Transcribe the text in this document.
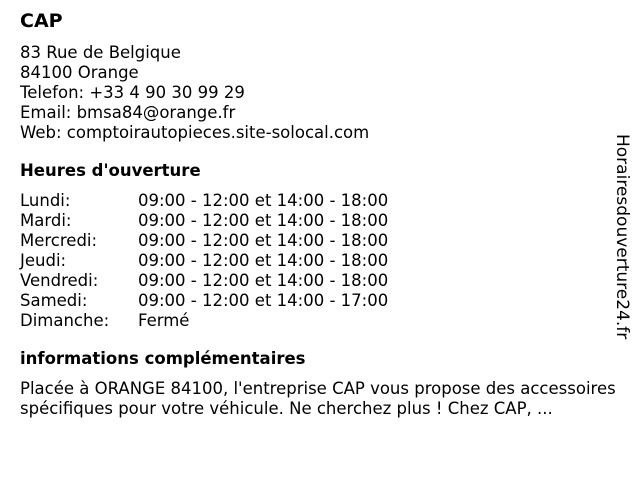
CAP
83 Rue de Belgique
84100 Orange
Telefon: +33 4 90 30 99 29
Email: bmsa84@orange.fr
Web: comptoirautopieces.site-solocal.com
Heures d'ouverture
Lundi:	09:00 - 12:00 et 14:00 - 18:00
Mardi:	09:00 - 12:00 et 14:00 - 18:00
Mercredi:	09:00 - 12:00 et 14:00 - 18:00
Jeudi:	09:00 - 12:00 et 14:00 - 18:00
Vendredi:	09:00 - 12:00 et 14:00 - 18:00
Samedi:	09:00 - 12:00 et 14:00 - 17:00
Dimanche:	Fermé
informations complémentaires
Placée à ORANGE 84100, l'entreprise CAP vous propose des accessoires spécifiques pour votre véhicule. Ne cherchez plus ! Chez CAP, ...
Horairesdouverture24.fr
